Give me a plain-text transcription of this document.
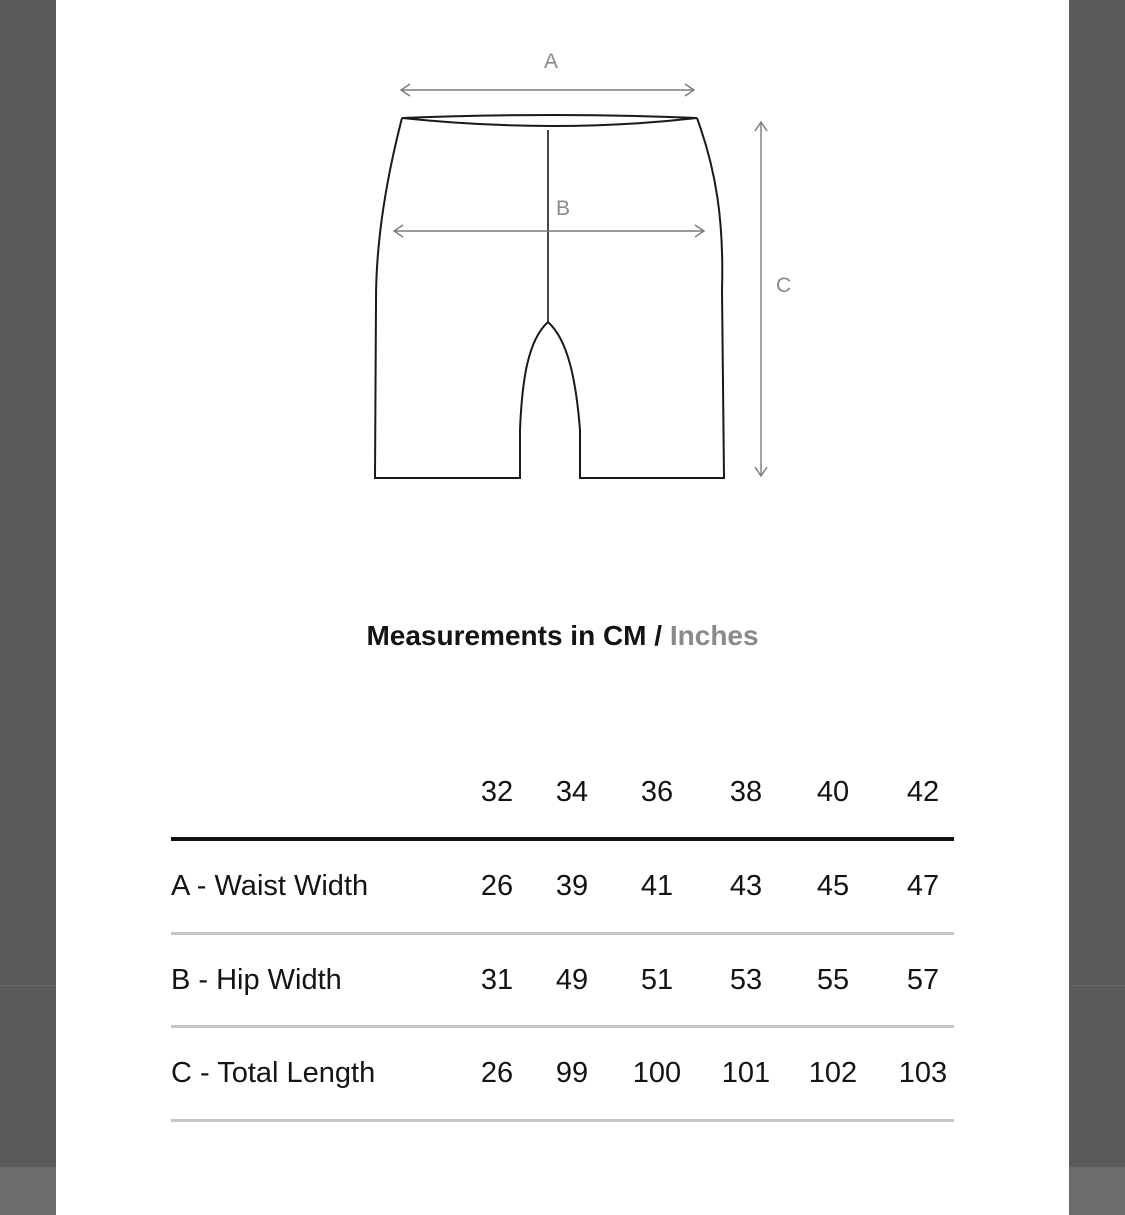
A
B
C
Measurements in CM / Inches
32	34	36	38	40	42
A - Waist Width	26	39	41	43	45	47
B - Hip Width	31	49	51	53	55	57
C - Total Length	26	99	100	101	102	103
